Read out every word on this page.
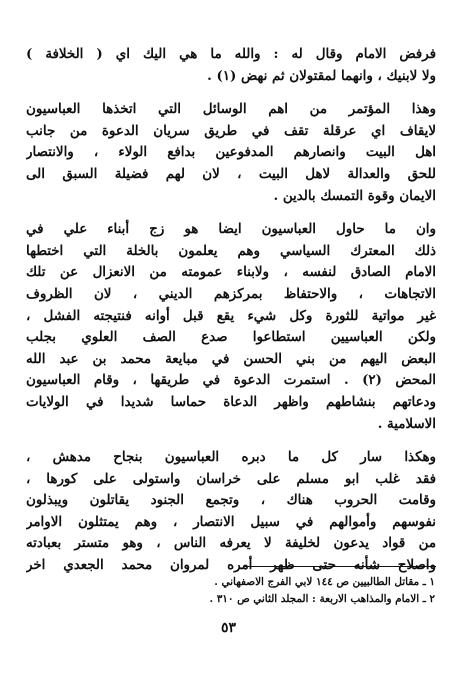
فرفض الامام وقال له : والله ما هي اليك اي ( الخلافة )
ولا لابنيك ، وانهما لمقتولان ثم نهض (١) .

وهذا المؤتمر من اهم الوسائل التي اتخذها العباسيون
لايقاف اي عرقلة تقف في طريق سريان الدعوة من جانب
اهل البيت وانصارهم المدفوعين بدافع الولاء ، والانتصار
للحق والعدالة لاهل البيت ، لان لهم فضيلة السبق الى
الايمان وقوة التمسك بالدين .

وان ما حاول العباسيون ايضا هو زج أبناء علي في
ذلك المعترك السياسي وهم يعلمون بالخلة التي اختطها
الامام الصادق لنفسه ، ولابناء عمومته من الانعزال عن تلك
الاتجاهات ، والاحتفاظ بمركزهم الديني ، لان الظروف
غير مواتية للثورة وكل شيء يقع قبل أوانه فنتيجته الفشل ،
ولكن العباسيين استطاعوا صدع الصف العلوي بجلب
البعض اليهم من بني الحسن في مبايعة محمد بن عبد الله
المحض (٢) . استمرت الدعوة في طريقها ، وقام العباسيون
ودعاتهم بنشاطهم واظهر الدعاة حماسا شديدا في الولايات
الاسلامية .

وهكذا سار كل ما دبره العباسيون بنجاح مدهش ،
فقد غلب ابو مسلم على خراسان واستولى على كورها ،
وقامت الحروب هناك ، وتجمع الجنود يقاتلون ويبذلون
نفوسهم وأموالهم في سبيل الانتصار ، وهم يمتثلون الاوامر
من قواد يدعون لخليفة لا يعرفه الناس ، وهو متستر بعبادته
واصلاح شأنه حتى ظهر أمره لمروان محمد الجعدي اخر

١ ـ مقاتل الطالبيين ص ١٤٤ لابي الفرج الاصفهاني .
٢ ـ الامام والمذاهب الاربعة : المجلد الثاني ص ٣١٠ .
٥٣
